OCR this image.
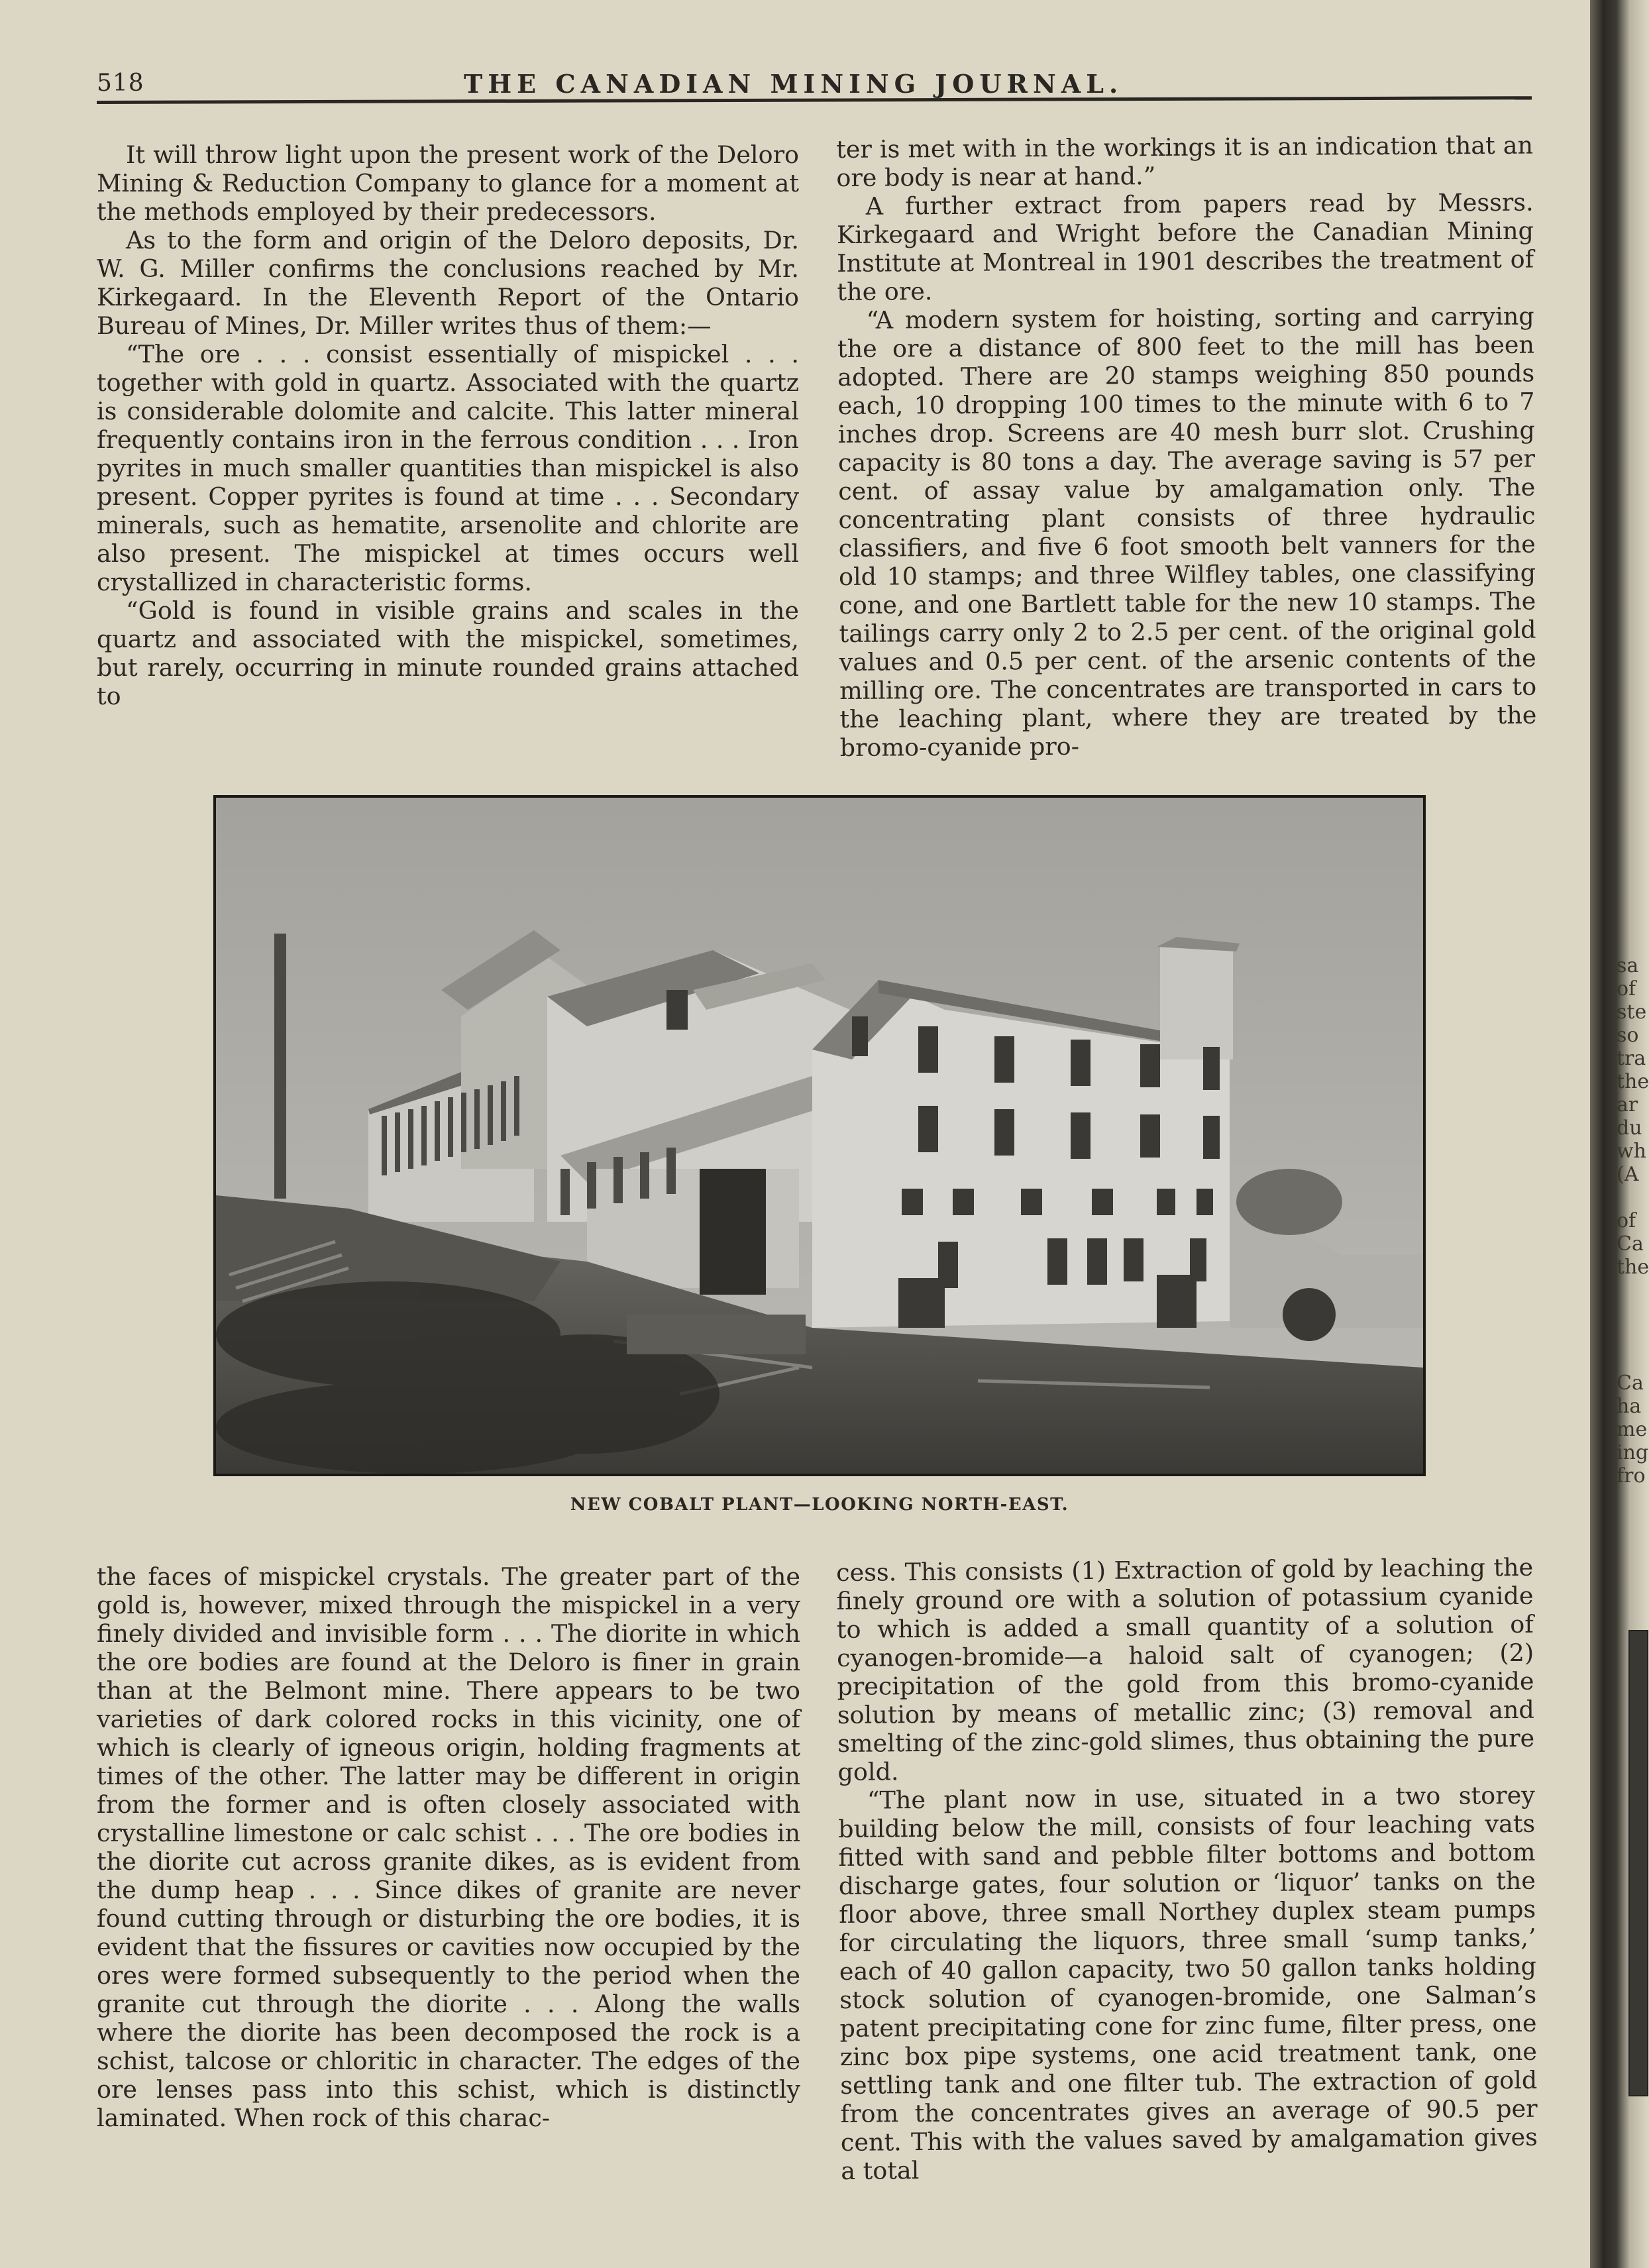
518	THE CANADIAN MINING JOURNAL.

It will throw light upon the present work of the Deloro Mining & Reduction Company to glance for a moment at the methods employed by their predecessors.

As to the form and origin of the Deloro deposits, Dr. W. G. Miller confirms the conclusions reached by Mr. Kirkegaard. In the Eleventh Report of the Ontario Bureau of Mines, Dr. Miller writes thus of them:—

“The ore . . . consist essentially of mispickel . . . together with gold in quartz. Associated with the quartz is considerable dolomite and calcite. This latter mineral frequently contains iron in the ferrous condition . . . Iron pyrites in much smaller quantities than mispickel is also present. Copper pyrites is found at time . . . Secondary minerals, such as hematite, arsenolite and chlorite are also present. The mispickel at times occurs well crystallized in characteristic forms.

“Gold is found in visible grains and scales in the quartz and associated with the mispickel, sometimes, but rarely, occurring in minute rounded grains attached to

ter is met with in the workings it is an indication that an ore body is near at hand.”

A further extract from papers read by Messrs. Kirkegaard and Wright before the Canadian Mining Institute at Montreal in 1901 describes the treatment of the ore.

“A modern system for hoisting, sorting and carrying the ore a distance of 800 feet to the mill has been adopted. There are 20 stamps weighing 850 pounds each, 10 dropping 100 times to the minute with 6 to 7 inches drop. Screens are 40 mesh burr slot. Crushing capacity is 80 tons a day. The average saving is 57 per cent. of assay value by amalgamation only. The concentrating plant consists of three hydraulic classifiers, and five 6 foot smooth belt vanners for the old 10 stamps; and three Wilfley tables, one classifying cone, and one Bartlett table for the new 10 stamps. The tailings carry only 2 to 2.5 per cent. of the original gold values and 0.5 per cent. of the arsenic contents of the milling ore. The concentrates are transported in cars to the leaching plant, where they are treated by the bromo-cyanide pro-

NEW COBALT PLANT—LOOKING NORTH-EAST.

the faces of mispickel crystals. The greater part of the gold is, however, mixed through the mispickel in a very finely divided and invisible form . . . The diorite in which the ore bodies are found at the Deloro is finer in grain than at the Belmont mine. There appears to be two varieties of dark colored rocks in this vicinity, one of which is clearly of igneous origin, holding fragments at times of the other. The latter may be different in origin from the former and is often closely associated with crystalline limestone or calc schist . . . The ore bodies in the diorite cut across granite dikes, as is evident from the dump heap . . . Since dikes of granite are never found cutting through or disturbing the ore bodies, it is evident that the fissures or cavities now occupied by the ores were formed subsequently to the period when the granite cut through the diorite . . . Along the walls where the diorite has been decomposed the rock is a schist, talcose or chloritic in character. The edges of the ore lenses pass into this schist, which is distinctly laminated. When rock of this charac-

cess. This consists (1) Extraction of gold by leaching the finely ground ore with a solution of potassium cyanide to which is added a small quantity of a solution of cyanogen-bromide—a haloid salt of cyanogen; (2) precipitation of the gold from this bromo-cyanide solution by means of metallic zinc; (3) removal and smelting of the zinc-gold slimes, thus obtaining the pure gold.

“The plant now in use, situated in a two storey building below the mill, consists of four leaching vats fitted with sand and pebble filter bottoms and bottom discharge gates, four solution or ‘liquor’ tanks on the floor above, three small Northey duplex steam pumps for circulating the liquors, three small ‘sump tanks,’ each of 40 gallon capacity, two 50 gallon tanks holding stock solution of cyanogen-bromide, one Salman’s patent precipitating cone for zinc fume, filter press, one zinc box pipe systems, one acid treatment tank, one settling tank and one filter tub. The extraction of gold from the concentrates gives an average of 90.5 per cent. This with the values saved by amalgamation gives a total

sa
of
ste
so
tra
the
ar
du
wh
(A
of
Ca
the
Ca
ha
me
ing
fro
